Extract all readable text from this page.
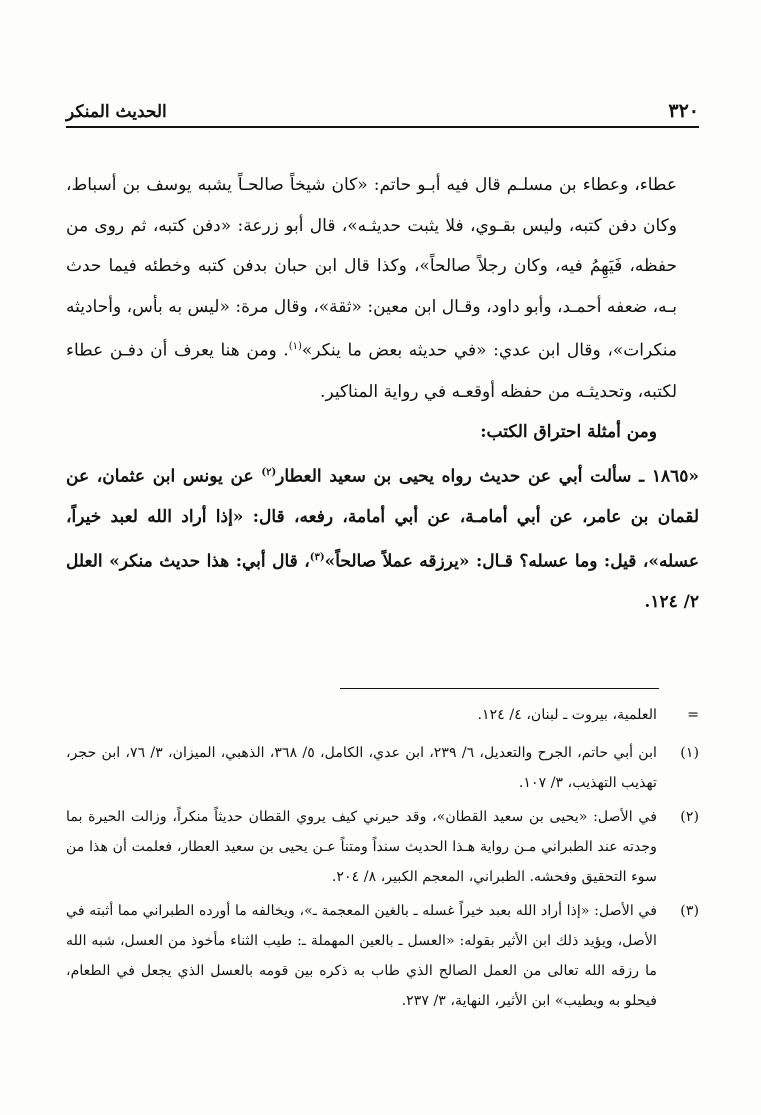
٣٢٠
الحديث المنكر

عطاء، وعطاء بن مسلـم قال فيه أبـو حاتم: «كان شيخاً صالحـاً يشبه يوسف بن أسباط، وكان دفن كتبه، وليس بقـوي، فلا يثبت حديثـه»، قال أبو زرعة: «دفن كتبه، ثم روى من حفظه، فَيَهِمُ فيه، وكان رجلاً صالحاً»، وكذا قال ابن حبان بدفن كتبه وخطئه فيما حدث بـه، ضعفه أحمـد، وأبو داود، وقـال ابن معين: «ثقة»، وقال مرة: «ليس به بأس، وأحاديثه منكرات»، وقال ابن عدي: «في حديثه بعض ما ينكر»$^{(١)}$. ومن هنا يعرف أن دفـن عطاء لكتبه، وتحديثـه من حفظه أوقعـه في رواية المناكير.

ومن أمثلة احتراق الكتب:

«١٨٦٥ ـ سألت أبي عن حديث رواه يحيى بن سعيد العطار$^{(٢)}$ عن يونس ابن عثمان، عن لقمان بن عامر، عن أبي أمامـة، عن أبي أمامة، رفعه، قال: «إذا أراد الله لعبد خيراً، عسله»، قيل: وما عسله؟ قـال: «يرزقه عملاً صالحاً»$^{(٣)}$، قال أبي: هذا حديث منكر» العلل ٢/ ١٢٤.

=
العلمية، بيروت ـ لبنان، ٤/ ١٢٤.
(١)
ابن أبي حاتم، الجرح والتعديل، ٦/ ٢٣٩، ابن عدي، الكامل، ٥/ ٣٦٨، الذهبي، الميزان، ٣/ ٧٦، ابن حجر، تهذيب التهذيب، ٣/ ١٠٧.
(٢)
في الأصل: «يحيى بن سعيد القطان»، وقد حيرني كيف يروي القطان حديثاً منكراً، وزالت الحيرة بما وجدته عند الطبراني مـن رواية هـذا الحديث سنداً ومتناً عـن يحيى بن سعيد العطار، فعلمت أن هذا من سوء التحقيق وفحشه. الطبراني، المعجم الكبير، ٨/ ٢٠٤.
(٣)
في الأصل: «إذا أراد الله بعبد خيراً غسله ـ بالغين المعجمة ـ»، ويخالفه ما أورده الطبراني مما أثبته في الأصل، ويؤيد ذلك ابن الأثير بقوله: «العسل ـ بالعين المهملة ـ: طيب الثناء مأخوذ من العسل، شبه الله ما رزقه الله تعالى من العمل الصالح الذي طاب به ذكره بين قومه بالعسل الذي يجعل في الطعام، فيحلو به ويطيب» ابن الأثير، النهاية، ٣/ ٢٣٧.
